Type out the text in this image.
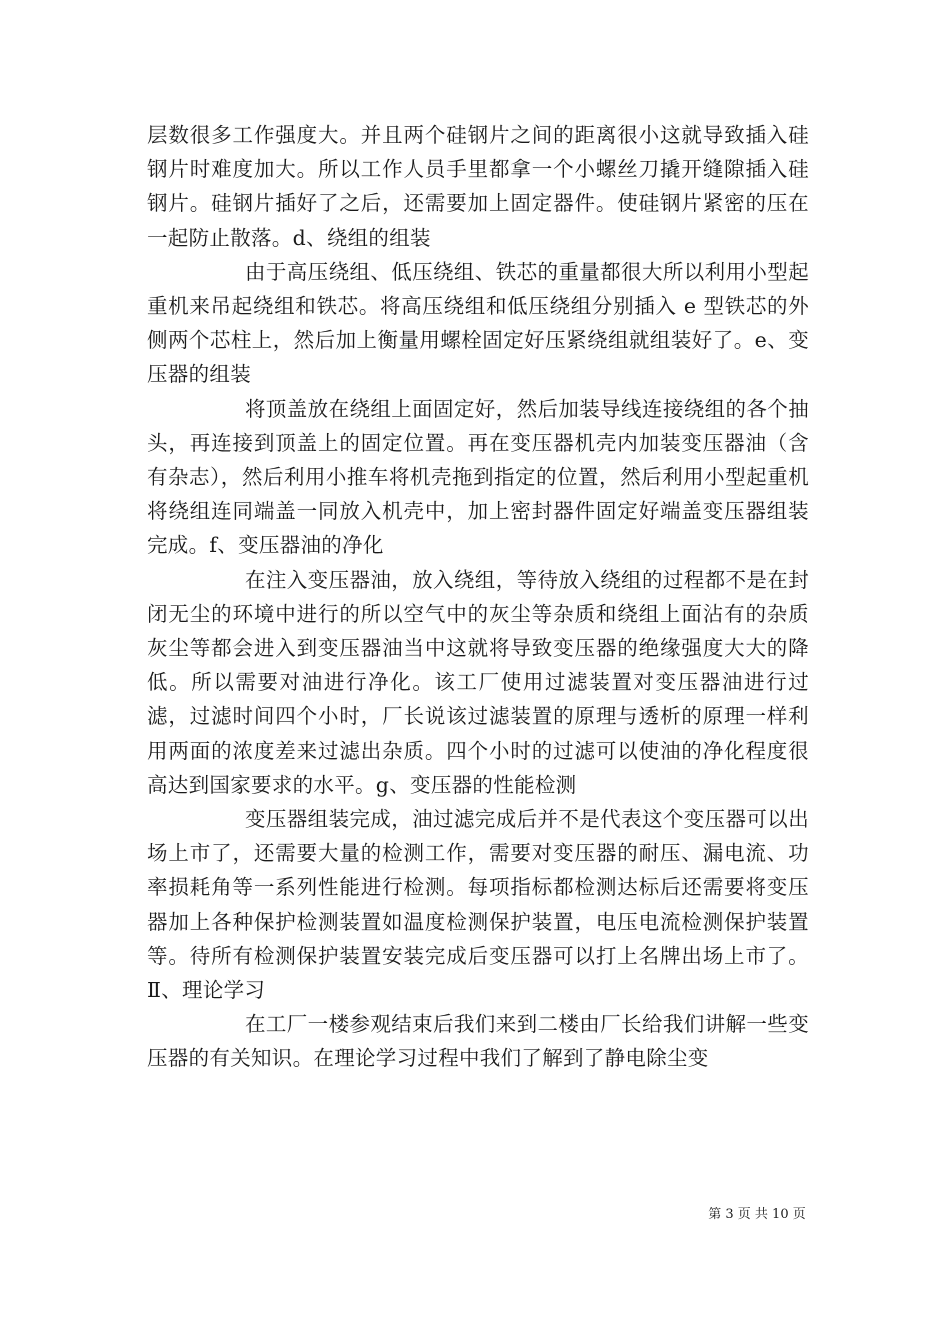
层数很多工作强度大。并且两个硅钢片之间的距离很小这就导致插入硅钢片时难度加大。所以工作人员手里都拿一个小螺丝刀撬开缝隙插入硅钢片。硅钢片插好了之后，还需要加上固定器件。使硅钢片紧密的压在一起防止散落。d、绕组的组装

由于高压绕组、低压绕组、铁芯的重量都很大所以利用小型起重机来吊起绕组和铁芯。将高压绕组和低压绕组分别插入 e 型铁芯的外侧两个芯柱上，然后加上衡量用螺栓固定好压紧绕组就组装好了。e、变压器的组装

将顶盖放在绕组上面固定好，然后加装导线连接绕组的各个抽头，再连接到顶盖上的固定位置。再在变压器机壳内加装变压器油（含有杂志），然后利用小推车将机壳拖到指定的位置，然后利用小型起重机将绕组连同端盖一同放入机壳中，加上密封器件固定好端盖变压器组装完成。f、变压器油的净化

在注入变压器油，放入绕组，等待放入绕组的过程都不是在封闭无尘的环境中进行的所以空气中的灰尘等杂质和绕组上面沾有的杂质灰尘等都会进入到变压器油当中这就将导致变压器的绝缘强度大大的降低。所以需要对油进行净化。该工厂使用过滤装置对变压器油进行过滤，过滤时间四个小时，厂长说该过滤装置的原理与透析的原理一样利用两面的浓度差来过滤出杂质。四个小时的过滤可以使油的净化程度很高达到国家要求的水平。g、变压器的性能检测

变压器组装完成，油过滤完成后并不是代表这个变压器可以出场上市了，还需要大量的检测工作，需要对变压器的耐压、漏电流、功率损耗角等一系列性能进行检测。每项指标都检测达标后还需要将变压器加上各种保护检测装置如温度检测保护装置，电压电流检测保护装置等。待所有检测保护装置安装完成后变压器可以打上名牌出场上市了。Ⅱ、理论学习

在工厂一楼参观结束后我们来到二楼由厂长给我们讲解一些变压器的有关知识。在理论学习过程中我们了解到了静电除尘变

第 3 页 共 10 页
